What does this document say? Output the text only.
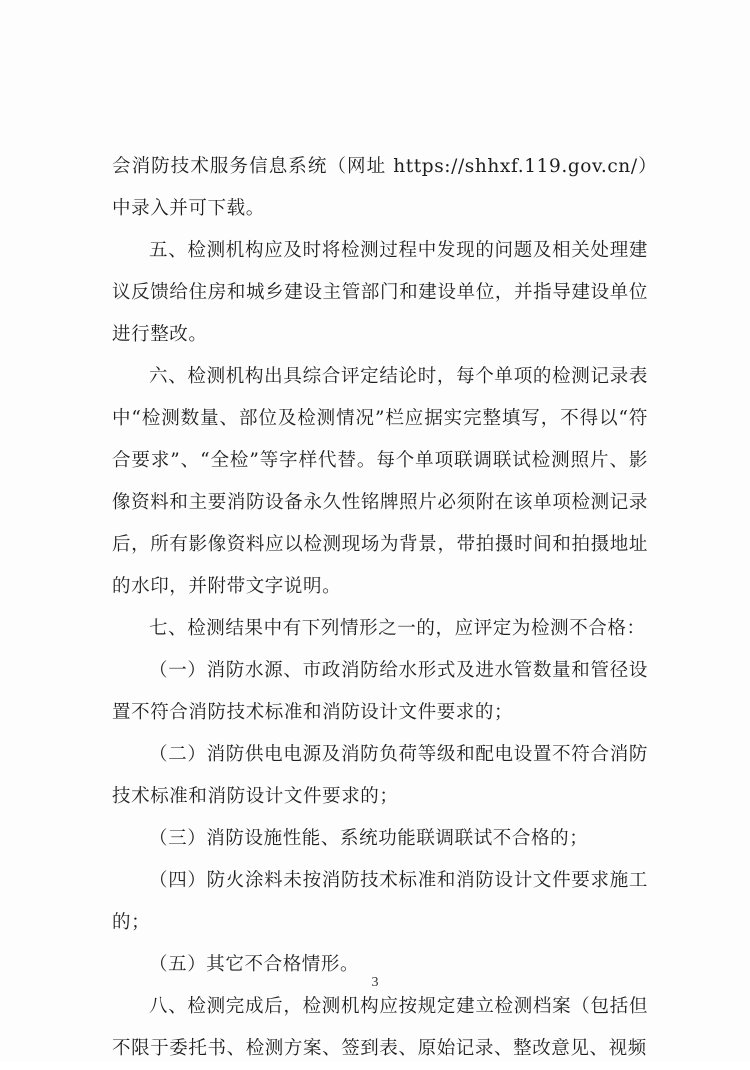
会消防技术服务信息系统（网址 https://shhxf.119.gov.cn/）中录入并可下载。

五、检测机构应及时将检测过程中发现的问题及相关处理建议反馈给住房和城乡建设主管部门和建设单位，并指导建设单位进行整改。

六、检测机构出具综合评定结论时，每个单项的检测记录表中“检测数量、部位及检测情况”栏应据实完整填写，不得以“符合要求”、“全检”等字样代替。每个单项联调联试检测照片、影像资料和主要消防设备永久性铭牌照片必须附在该单项检测记录后，所有影像资料应以检测现场为背景，带拍摄时间和拍摄地址的水印，并附带文字说明。

七、检测结果中有下列情形之一的，应评定为检测不合格：

（一）消防水源、市政消防给水形式及进水管数量和管径设置不符合消防技术标准和消防设计文件要求的；

（二）消防供电电源及消防负荷等级和配电设置不符合消防技术标准和消防设计文件要求的；

（三）消防设施性能、系统功能联调联试不合格的；

（四）防火涂料未按消防技术标准和消防设计文件要求施工的；

（五）其它不合格情形。

八、检测完成后，检测机构应按规定建立检测档案（包括但不限于委托书、检测方案、签到表、原始记录、整改意见、视频

3
